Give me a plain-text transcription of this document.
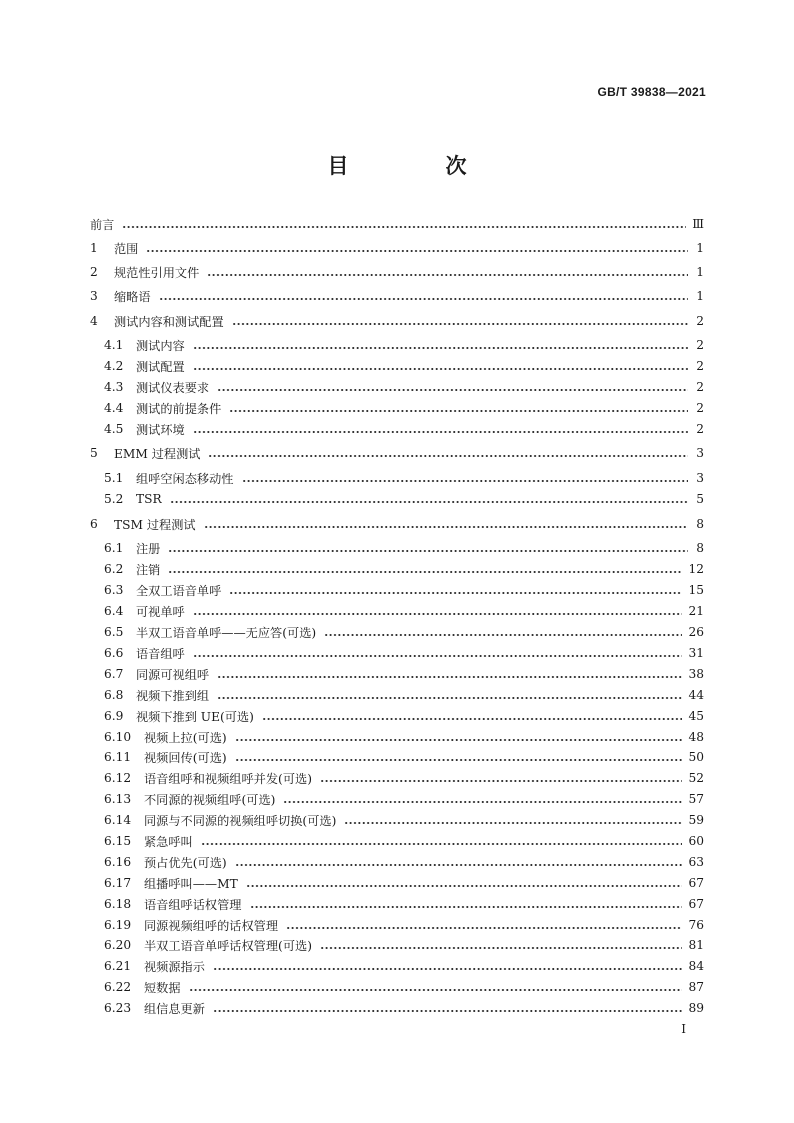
GB/T 39838—2021
目　次
前言	Ⅲ
1	范围	1
2	规范性引用文件	1
3	缩略语	1
4	测试内容和测试配置	2
4.1	测试内容	2
4.2	测试配置	2
4.3	测试仪表要求	2
4.4	测试的前提条件	2
4.5	测试环境	2
5	EMM 过程测试	3
5.1	组呼空闲态移动性	3
5.2	TSR	5
6	TSM 过程测试	8
6.1	注册	8
6.2	注销	12
6.3	全双工语音单呼	15
6.4	可视单呼	21
6.5	半双工语音单呼——无应答(可选)	26
6.6	语音组呼	31
6.7	同源可视组呼	38
6.8	视频下推到组	44
6.9	视频下推到 UE(可选)	45
6.10	视频上拉(可选)	48
6.11	视频回传(可选)	50
6.12	语音组呼和视频组呼并发(可选)	52
6.13	不同源的视频组呼(可选)	57
6.14	同源与不同源的视频组呼切换(可选)	59
6.15	紧急呼叫	60
6.16	预占优先(可选)	63
6.17	组播呼叫——MT	67
6.18	语音组呼话权管理	67
6.19	同源视频组呼的话权管理	76
6.20	半双工语音单呼话权管理(可选)	81
6.21	视频源指示	84
6.22	短数据	87
6.23	组信息更新	89
I
